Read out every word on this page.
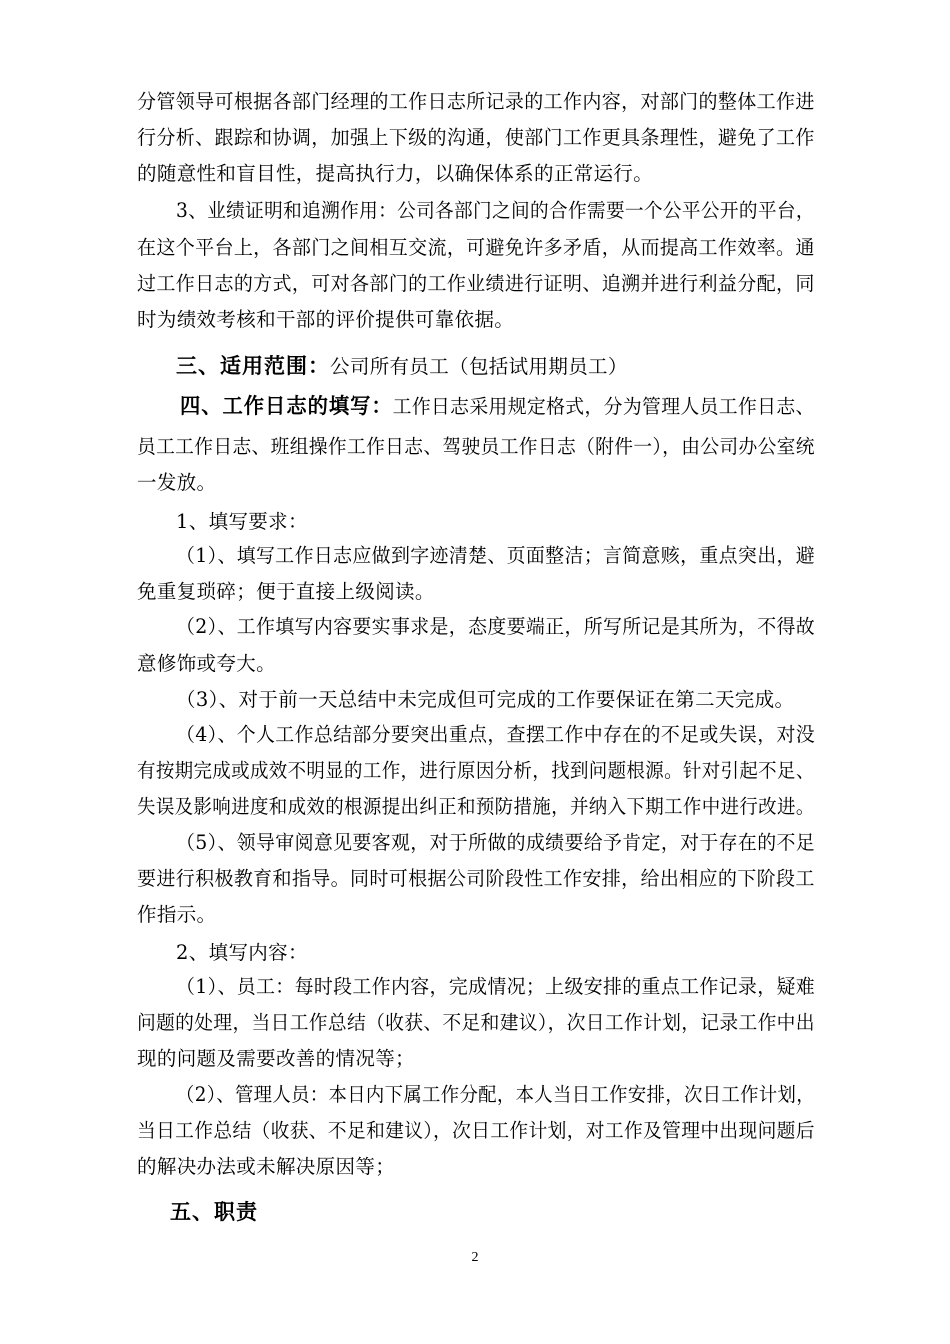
分管领导可根据各部门经理的工作日志所记录的工作内容，对部门的整体工作进
行分析、跟踪和协调，加强上下级的沟通，使部门工作更具条理性，避免了工作
的随意性和盲目性，提高执行力，以确保体系的正常运行。
3、业绩证明和追溯作用：公司各部门之间的合作需要一个公平公开的平台，
在这个平台上，各部门之间相互交流，可避免许多矛盾，从而提高工作效率。通
过工作日志的方式，可对各部门的工作业绩进行证明、追溯并进行利益分配，同
时为绩效考核和干部的评价提供可靠依据。
三、适用范围：公司所有员工（包括试用期员工）
四、工作日志的填写：工作日志采用规定格式，分为管理人员工作日志、
员工工作日志、班组操作工作日志、驾驶员工作日志（附件一），由公司办公室统
一发放。
1、填写要求：
（1）、填写工作日志应做到字迹清楚、页面整洁；言简意赅，重点突出，避
免重复琐碎；便于直接上级阅读。
（2）、工作填写内容要实事求是，态度要端正，所写所记是其所为，不得故
意修饰或夸大。
（3）、对于前一天总结中未完成但可完成的工作要保证在第二天完成。
（4）、个人工作总结部分要突出重点，查摆工作中存在的不足或失误，对没
有按期完成或成效不明显的工作，进行原因分析，找到问题根源。针对引起不足、
失误及影响进度和成效的根源提出纠正和预防措施，并纳入下期工作中进行改进。
（5）、领导审阅意见要客观，对于所做的成绩要给予肯定，对于存在的不足
要进行积极教育和指导。同时可根据公司阶段性工作安排，给出相应的下阶段工
作指示。
2、填写内容：
（1）、员工：每时段工作内容，完成情况；上级安排的重点工作记录，疑难
问题的处理，当日工作总结（收获、不足和建议），次日工作计划，记录工作中出
现的问题及需要改善的情况等；
（2）、管理人员：本日内下属工作分配，本人当日工作安排，次日工作计划，
当日工作总结（收获、不足和建议），次日工作计划，对工作及管理中出现问题后
的解决办法或未解决原因等；
五、职责
2
